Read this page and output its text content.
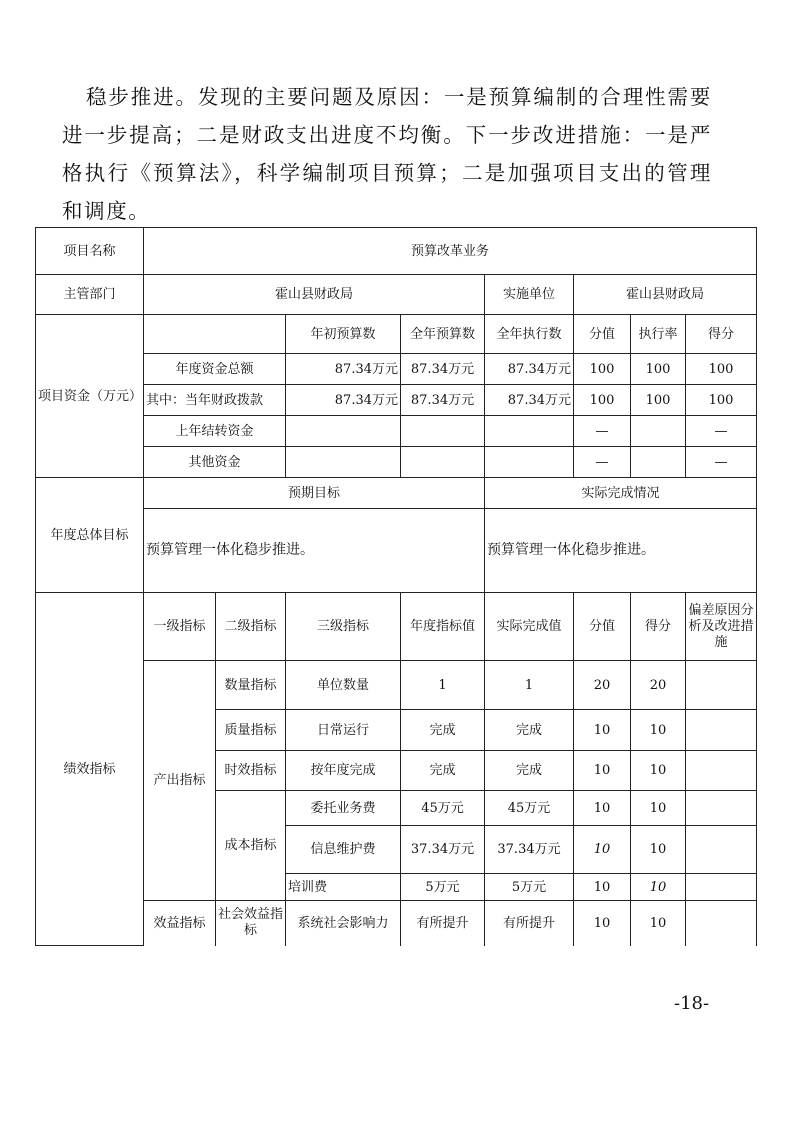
稳步推进。发现的主要问题及原因：一是预算编制的合理性需要进一步提高；二是财政支出进度不均衡。下一步改进措施：一是严格执行《预算法》，科学编制项目预算；二是加强项目支出的管理和调度。

项目名称	预算改革业务							
主管部门	霍山县财政局				实施单位	霍山县财政局		
项目资金（万元）			年初预算数	全年预算数	全年执行数	分值	执行率	得分
	年度资金总额		87.34万元	87.34万元	87.34万元	100	100	100
	其中：当年财政拨款		87.34万元	87.34万元	87.34万元	100	100	100
	上年结转资金					—		—
	其他资金					—		—
年度总体目标	预期目标				实际完成情况			
	预算管理一体化稳步推进。				预算管理一体化稳步推进。			
绩效指标	一级指标	二级指标	三级指标	年度指标值	实际完成值	分值	得分	偏差原因分析及改进措施
	产出指标	数量指标	单位数量	1	1	20	20	
		质量指标	日常运行	完成	完成	10	10	
		时效指标	按年度完成	完成	完成	10	10	
		成本指标	委托业务费	45万元	45万元	10	10	
			信息维护费	37.34万元	37.34万元	10	10	
			培训费	5万元	5万元	10	10	
	效益指标	社会效益指标	系统社会影响力	有所提升	有所提升	10	10	
-18-
